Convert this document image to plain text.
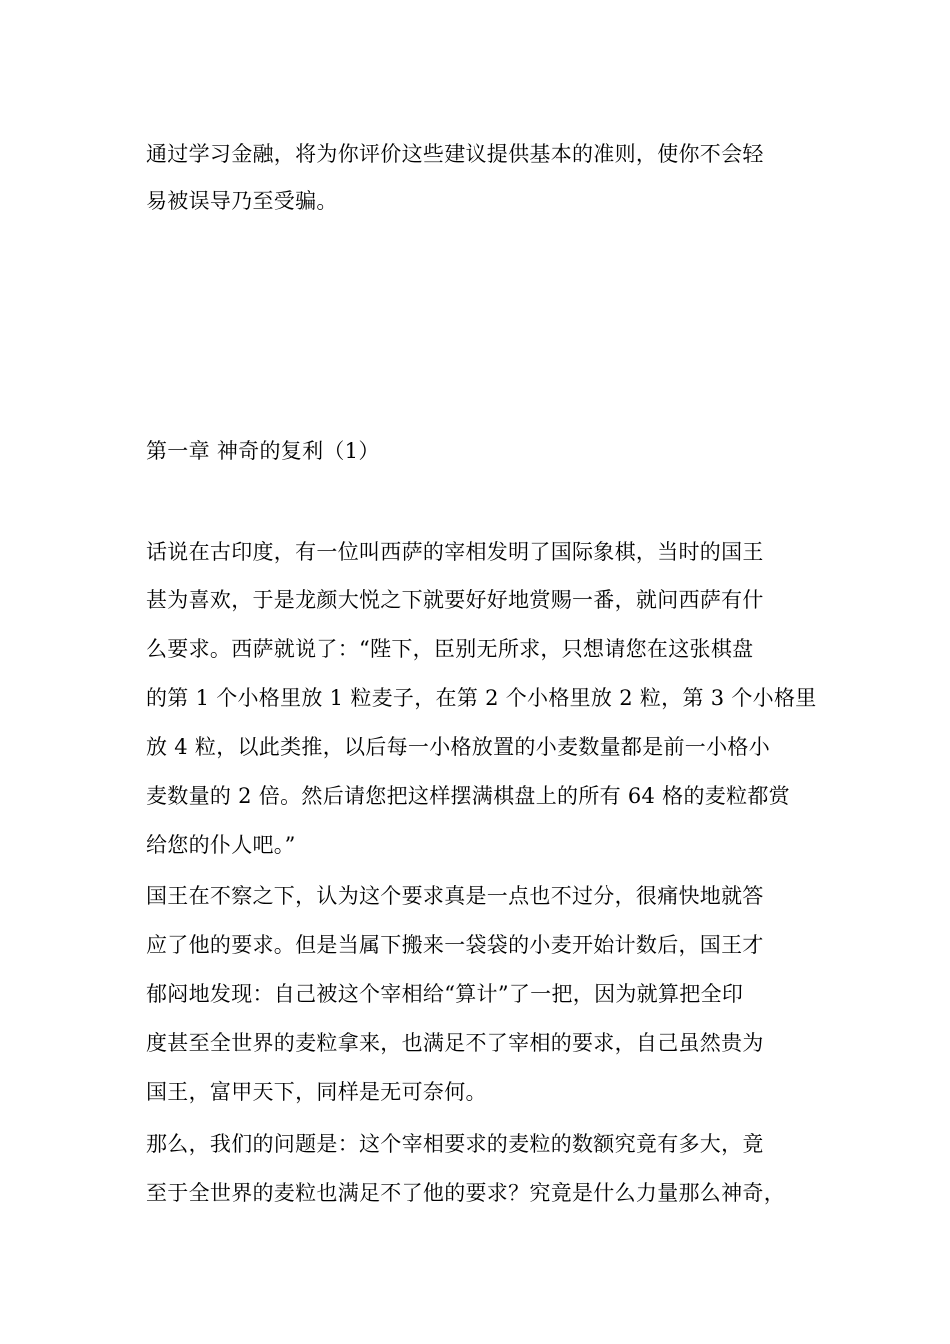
通过学习金融，将为你评价这些建议提供基本的准则，使你不会轻
易被误导乃至受骗。
第一章 神奇的复利（1）
话说在古印度，有一位叫西萨的宰相发明了国际象棋，当时的国王
甚为喜欢，于是龙颜大悦之下就要好好地赏赐一番，就问西萨有什
么要求。西萨就说了：“陛下，臣别无所求，只想请您在这张棋盘
的第 1 个小格里放 1 粒麦子，在第 2 个小格里放 2 粒，第 3 个小格里
放 4 粒，以此类推，以后每一小格放置的小麦数量都是前一小格小
麦数量的 2 倍。然后请您把这样摆满棋盘上的所有 64 格的麦粒都赏
给您的仆人吧。”
国王在不察之下，认为这个要求真是一点也不过分，很痛快地就答
应了他的要求。但是当属下搬来一袋袋的小麦开始计数后，国王才
郁闷地发现：自己被这个宰相给“算计”了一把，因为就算把全印
度甚至全世界的麦粒拿来，也满足不了宰相的要求，自己虽然贵为
国王，富甲天下，同样是无可奈何。
那么，我们的问题是：这个宰相要求的麦粒的数额究竟有多大，竟
至于全世界的麦粒也满足不了他的要求？究竟是什么力量那么神奇，
